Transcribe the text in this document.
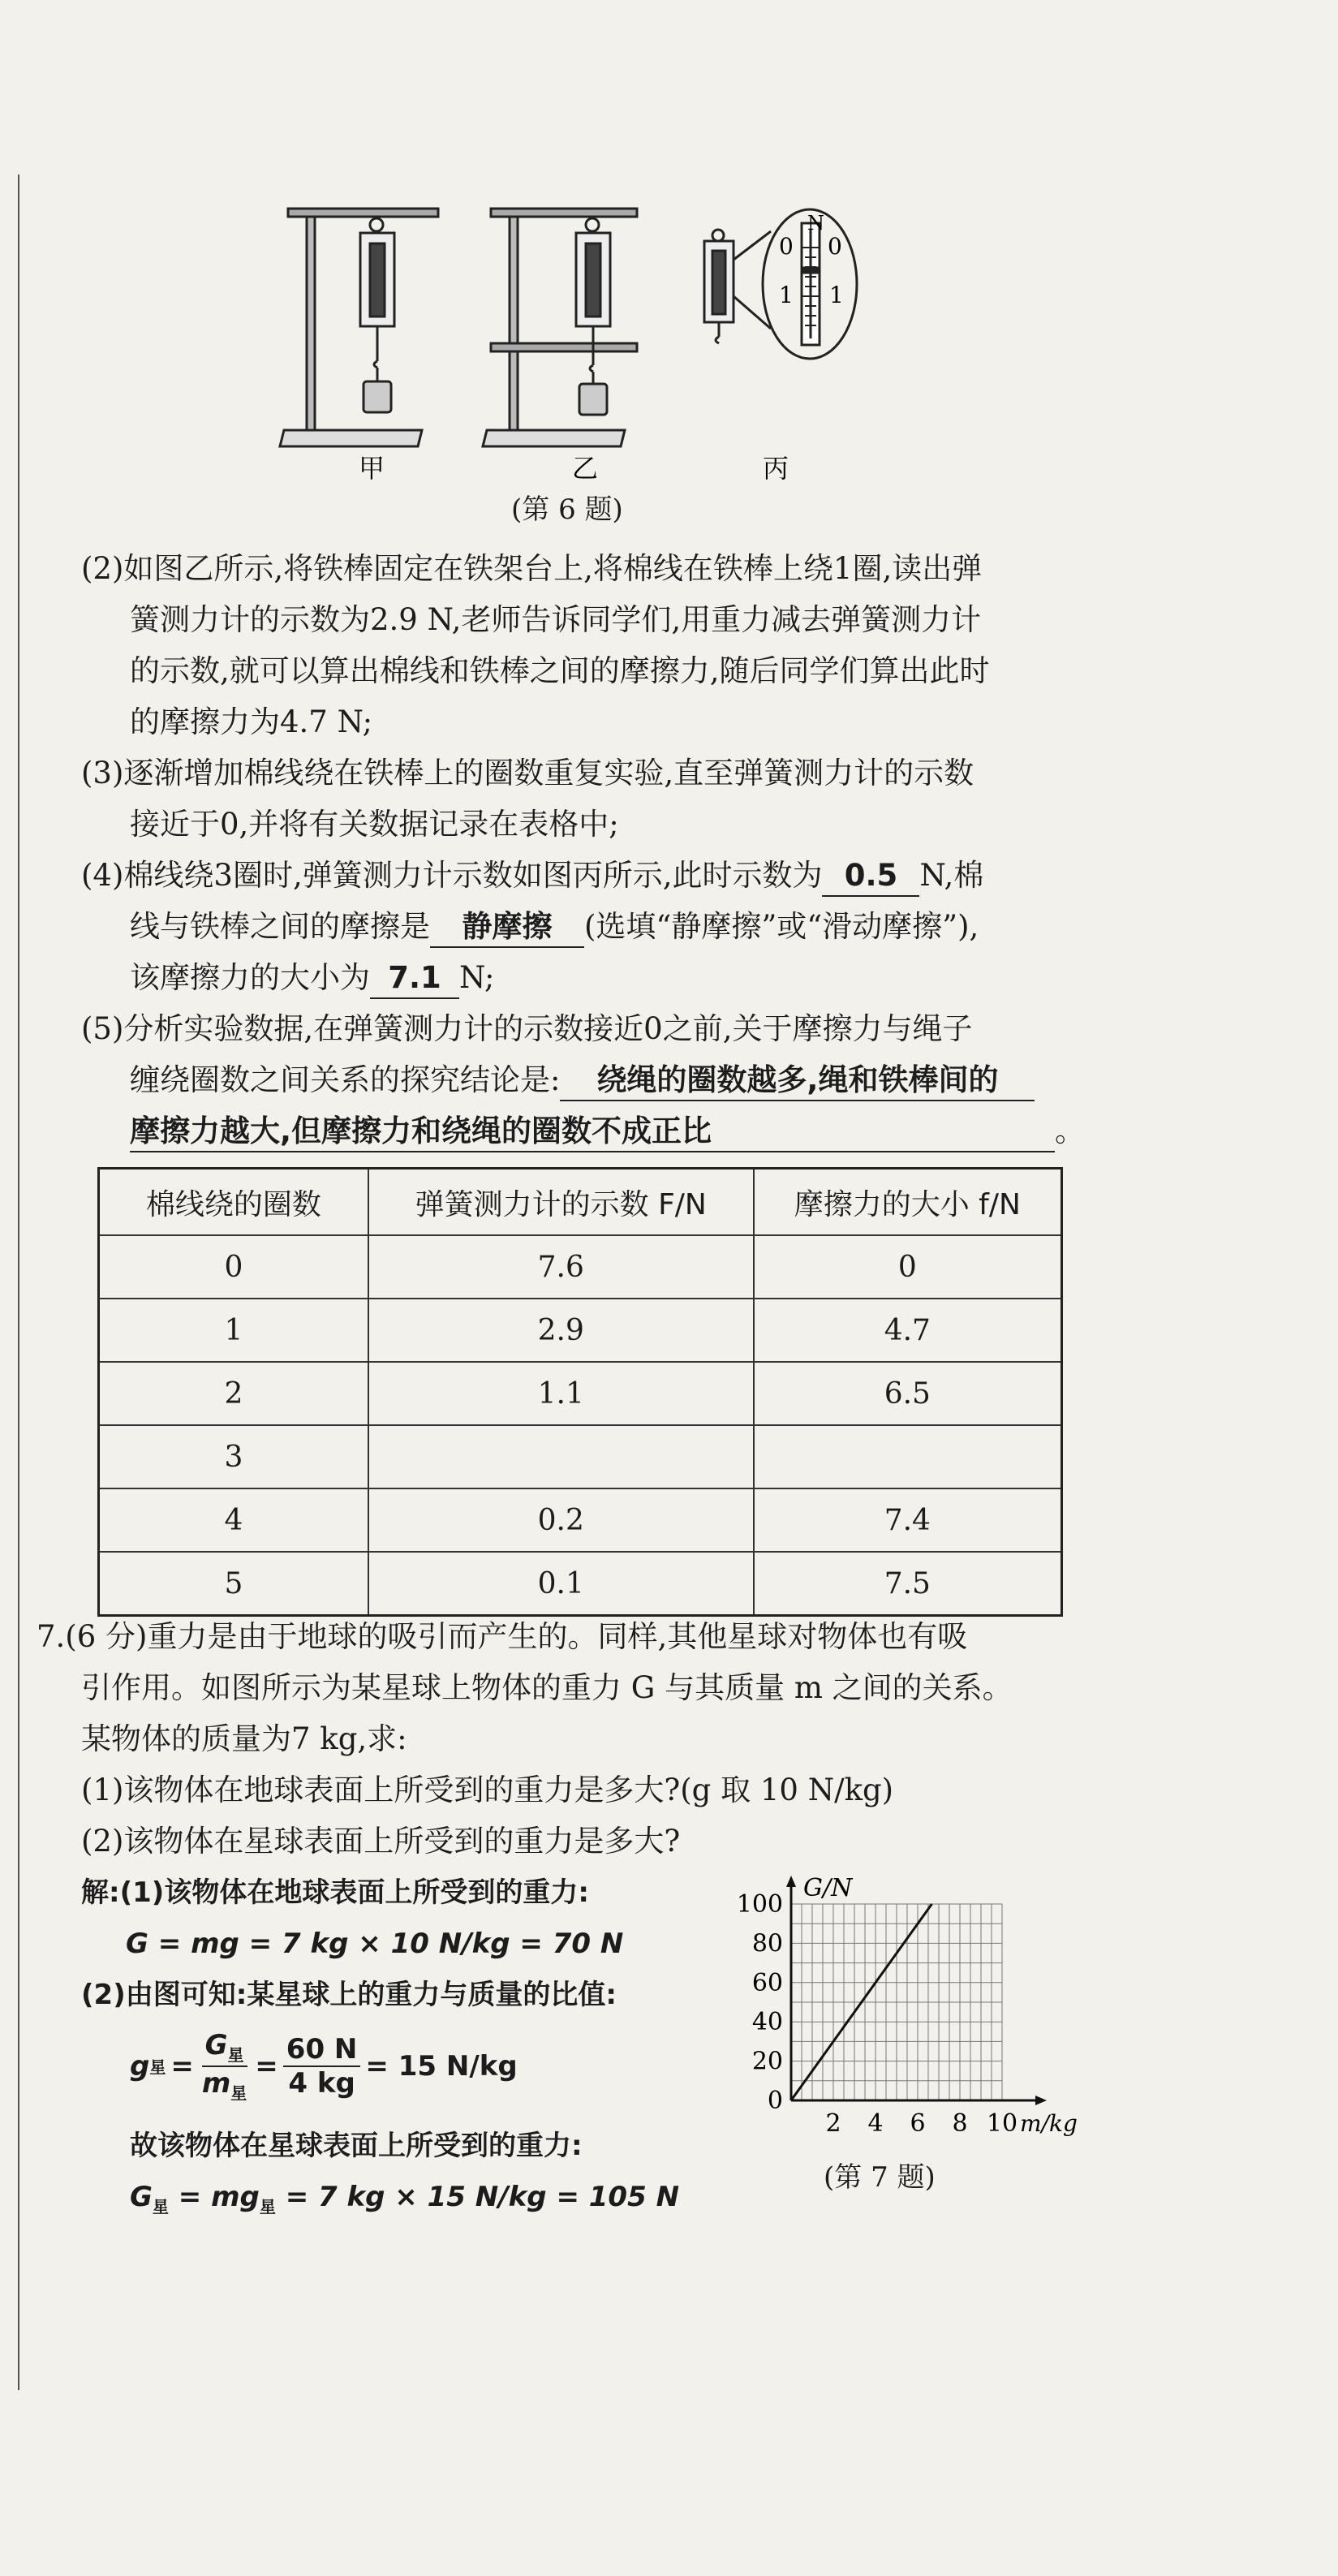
N
0 0
1 1
甲	乙	丙
(第 6 题)
(2)如图乙所示,将铁棒固定在铁架台上,将棉线在铁棒上绕1圈,读出弹
簧测力计的示数为2.9 N,老师告诉同学们,用重力减去弹簧测力计
的示数,就可以算出棉线和铁棒之间的摩擦力,随后同学们算出此时
的摩擦力为4.7 N;
(3)逐渐增加棉线绕在铁棒上的圈数重复实验,直至弹簧测力计的示数
接近于0,并将有关数据记录在表格中;
(4)棉线绕3圈时,弹簧测力计示数如图丙所示,此时示数为 0.5 N,棉
线与铁棒之间的摩擦是 静摩擦 (选填“静摩擦”或“滑动摩擦”),
该摩擦力的大小为 7.1 N;
(5)分析实验数据,在弹簧测力计的示数接近0之前,关于摩擦力与绳子
缠绕圈数之间关系的探究结论是: 绕绳的圈数越多,绳和铁棒间的
摩擦力越大,但摩擦力和绕绳的圈数不成正比	。
棉线绕的圈数	弹簧测力计的示数 F/N	摩擦力的大小 f/N
0	7.6	0
1	2.9	4.7
2	1.1	6.5
3		
4	0.2	7.4
5	0.1	7.5
7.(6 分)重力是由于地球的吸引而产生的。同样,其他星球对物体也有吸
引作用。如图所示为某星球上物体的重力 G 与其质量 m 之间的关系。
某物体的质量为7 kg,求:
(1)该物体在地球表面上所受到的重力是多大?(g 取 10 N/kg)
(2)该物体在星球表面上所受到的重力是多大?
解:(1)该物体在地球表面上所受到的重力:
G = mg = 7 kg × 10 N/kg = 70 N
(2)由图可知:某星球上的重力与质量的比值:
g 星 =
$G_星$
$m_星$
= $\frac{60 N}{4 kg} = 15$ N/kg
故该物体在星球表面上所受到的重力:
$G_星 = mg_星 = 7$ kg × 15 N/kg = 105 N
0
20
40
60
80
100
2 4 6 8 10
G/N
m/kg
(第 7 题)
